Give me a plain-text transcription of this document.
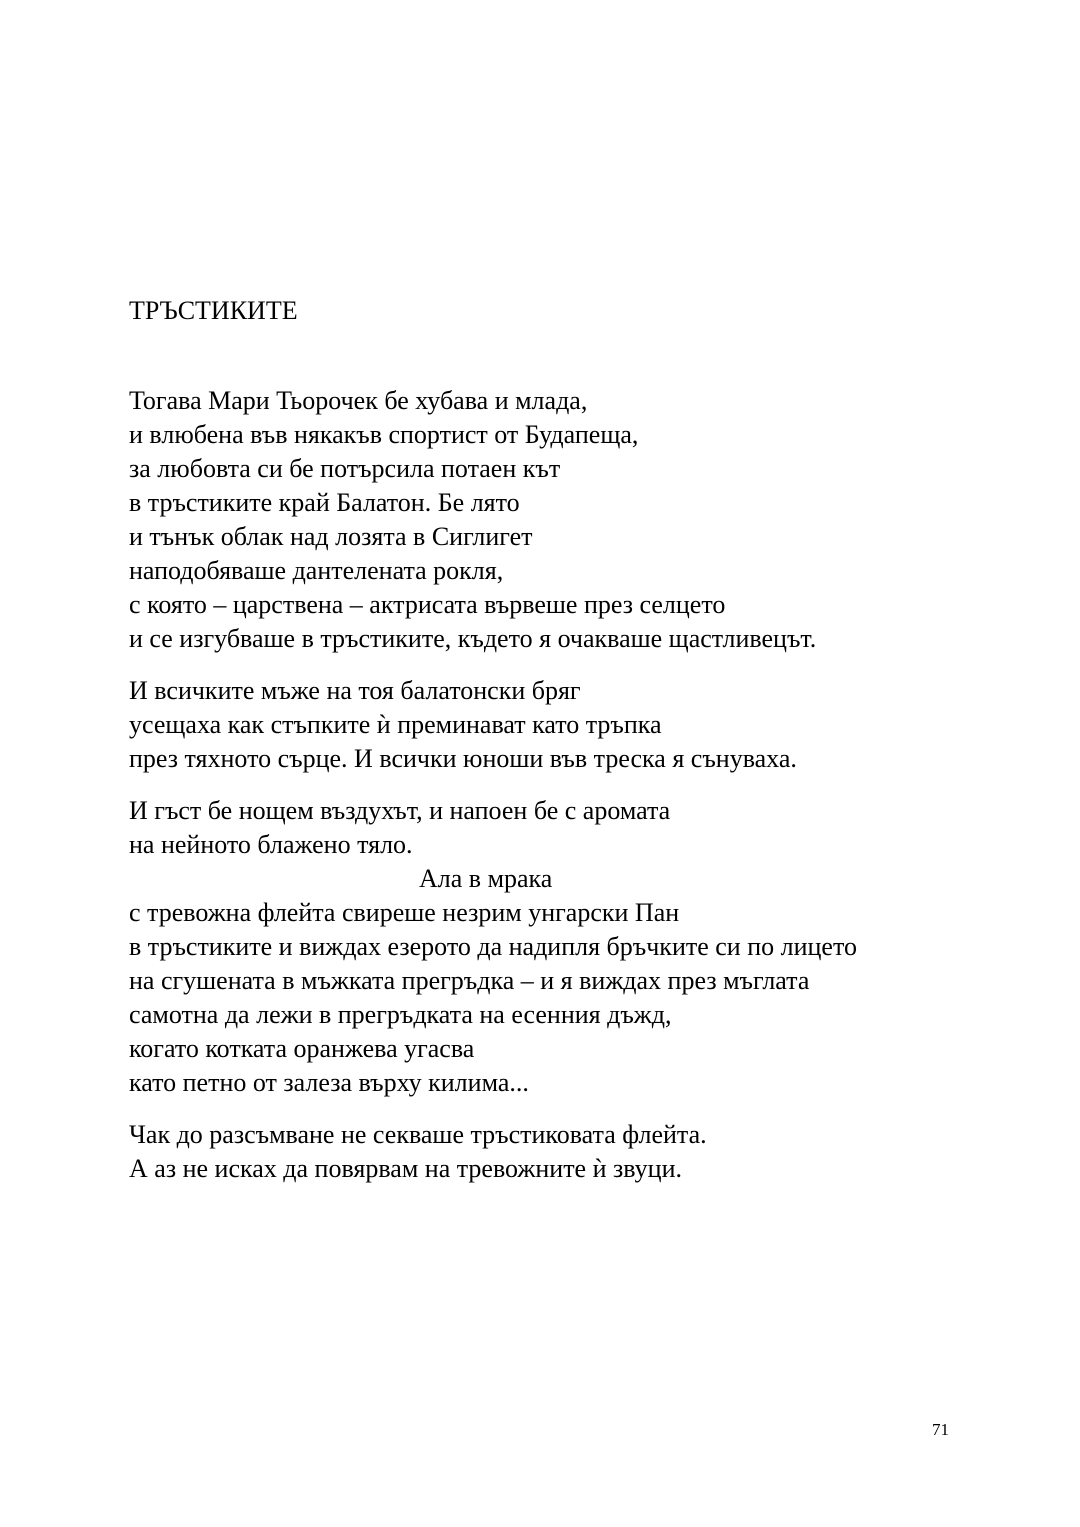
ТРЪСТИКИТЕ
Тогава Мари Тьорочек бе хубава и млада,
и влюбена във някакъв спортист от Будапеща,
за любовта си бе потърсила потаен кът
в тръстиките край Балатон. Бе лято
и тънък облак над лозята в Сиглигет
наподобяваше дантелената рокля,
с която – царствена – актрисата вървеше през селцето
и се изгубваше в тръстиките, където я очакваше щастливецът.
И всичките мъже на тоя балатонски бряг
усещаха как стъпките ѝ преминават като тръпка
през тяхното сърце. И всички юноши във треска я сънуваха.
И гъст бе нощем въздухът, и напоен бе с аромата
на нейното блажено тяло.
Ала в мрака
с тревожна флейта свиреше незрим унгарски Пан
в тръстиките и виждах езерото да надипля бръчките си по лицето
на сгушената в мъжката прегръдка – и я виждах през мъглата
самотна да лежи в прегръдката на есенния дъжд,
когато котката оранжева угасва
като петно от залеза върху килима...
Чак до разсъмване не секваше тръстиковата флейта.
А аз не исках да повярвам на тревожните ѝ звуци.
71
